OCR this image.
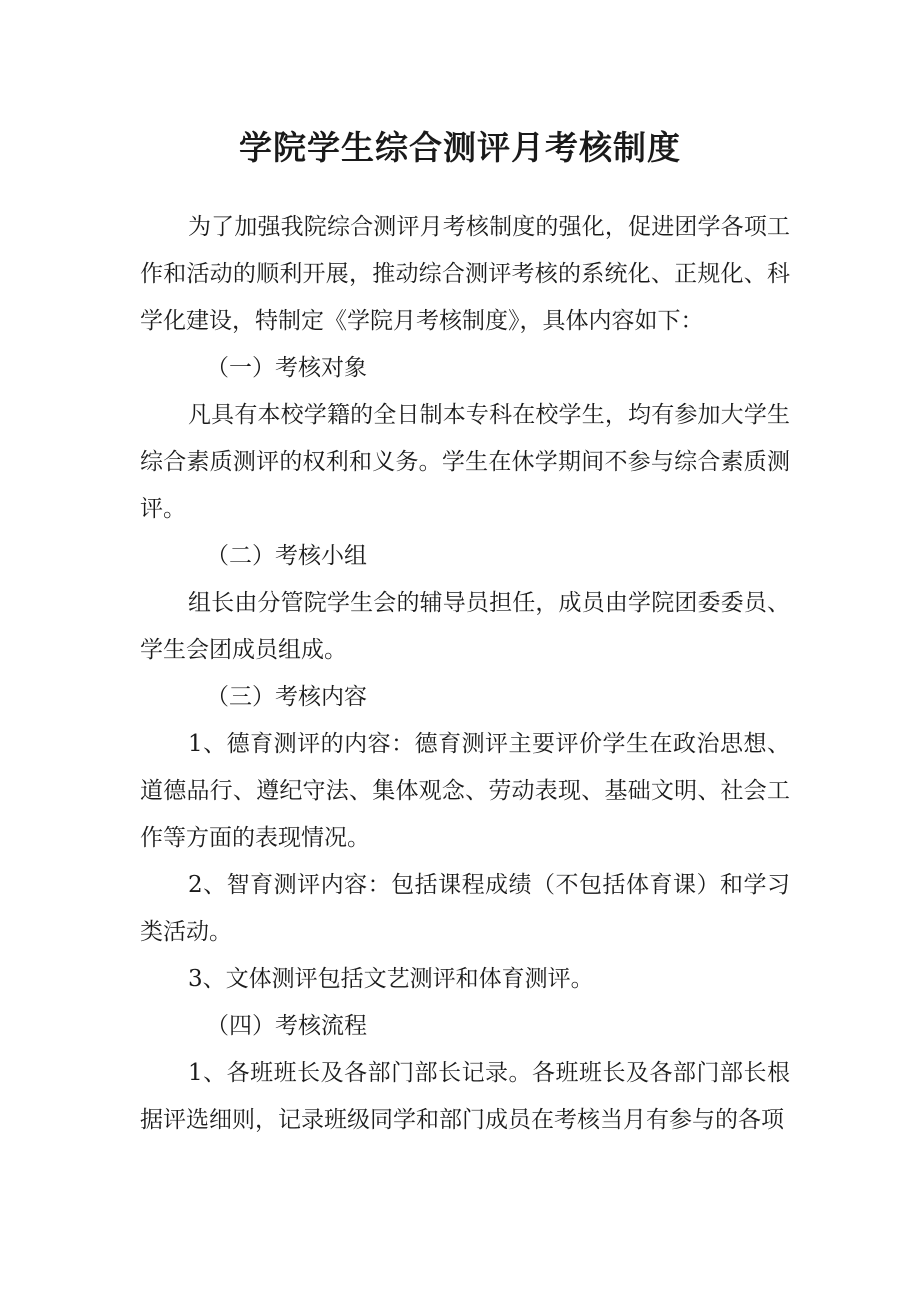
学院学生综合测评月考核制度

为了加强我院综合测评月考核制度的强化，促进团学各项工作和活动的顺利开展，推动综合测评考核的系统化、正规化、科学化建设，特制定《学院月考核制度》，具体内容如下：

（一）考核对象

凡具有本校学籍的全日制本专科在校学生，均有参加大学生综合素质测评的权利和义务。学生在休学期间不参与综合素质测评。

（二）考核小组

组长由分管院学生会的辅导员担任，成员由学院团委委员、学生会团成员组成。

（三）考核内容

1、德育测评的内容：德育测评主要评价学生在政治思想、道德品行、遵纪守法、集体观念、劳动表现、基础文明、社会工作等方面的表现情况。

2、智育测评内容：包括课程成绩（不包括体育课）和学习类活动。

3、文体测评包括文艺测评和体育测评。

（四）考核流程

1、各班班长及各部门部长记录。各班班长及各部门部长根据评选细则，记录班级同学和部门成员在考核当月有参与的各项
